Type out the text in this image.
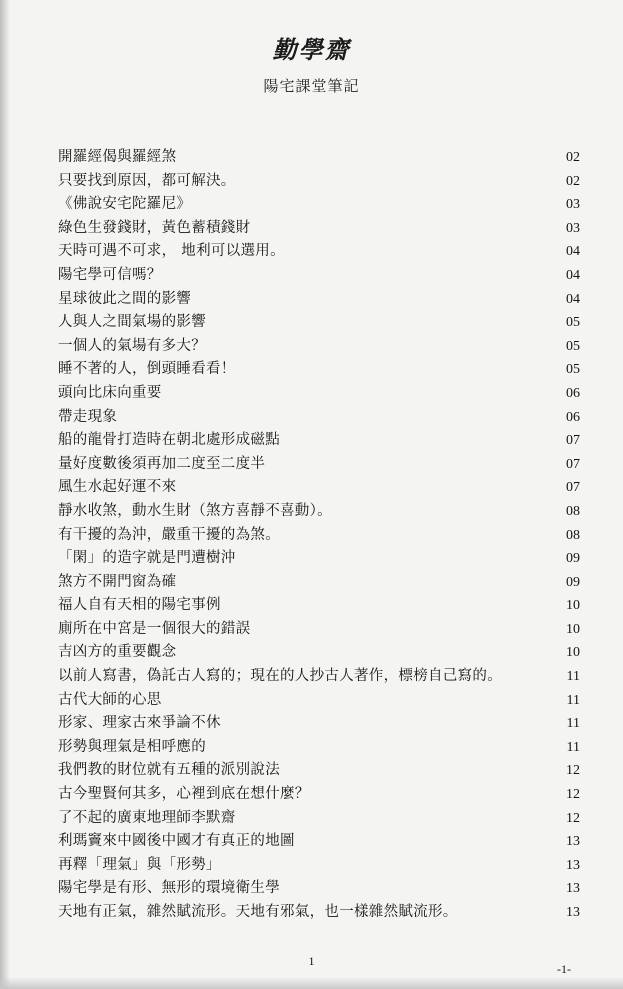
勤學齋
陽宅課堂筆記
開羅經偈與羅經煞	02
只要找到原因，都可解決。	02
《佛說安宅陀羅尼》	03
綠色生發錢財，黃色蓄積錢財	03
天時可遇不可求， 地利可以選用。	04
陽宅學可信嗎？	04
星球彼此之間的影響	04
人與人之間氣場的影響	05
一個人的氣場有多大？	05
睡不著的人，倒頭睡看看！	05
頭向比床向重要	06
帶走現象	06
船的龍骨打造時在朝北處形成磁點	07
量好度數後須再加二度至二度半	07
風生水起好運不來	07
靜水收煞，動水生財（煞方喜靜不喜動）。	08
有干擾的為沖，嚴重干擾的為煞。	08
「閑」的造字就是門遭樹沖	09
煞方不開門窗為確	09
福人自有天相的陽宅事例	10
廁所在中宮是一個很大的錯誤	10
吉凶方的重要觀念	10
以前人寫書，偽託古人寫的；現在的人抄古人著作，標榜自己寫的。	11
古代大師的心思	11
形家、理家古來爭論不休	11
形勢與理氣是相呼應的	11
我們教的財位就有五種的派別說法	12
古今聖賢何其多，心裡到底在想什麼？	12
了不起的廣東地理師李默齋	12
利瑪竇來中國後中國才有真正的地圖	13
再釋「理氣」與「形勢」	13
陽宅學是有形、無形的環境衛生學	13
天地有正氣，雜然賦流形。天地有邪氣，也一樣雜然賦流形。	13
1
-1-
